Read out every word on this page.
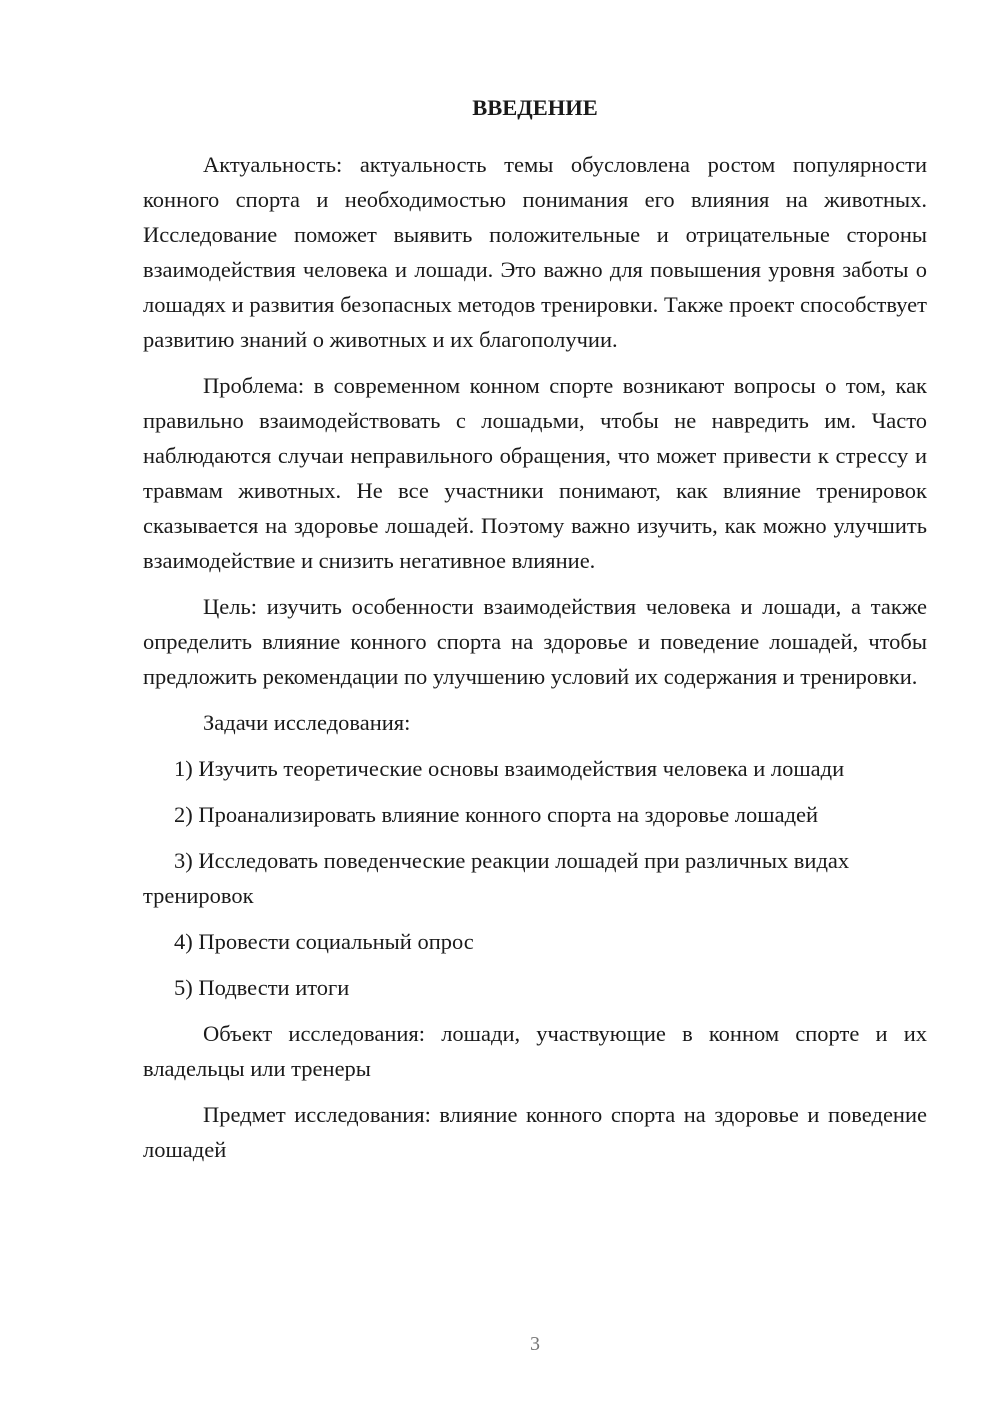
ВВЕДЕНИЕ

Актуальность: актуальность темы обусловлена ростом популярности конного спорта и необходимостью понимания его влияния на животных. Исследование поможет выявить положительные и отрицательные стороны взаимодействия человека и лошади. Это важно для повышения уровня заботы о лошадях и развития безопасных методов тренировки. Также проект способствует развитию знаний о животных и их благополучии.

Проблема: в современном конном спорте возникают вопросы о том, как правильно взаимодействовать с лошадьми, чтобы не навредить им. Часто наблюдаются случаи неправильного обращения, что может привести к стрессу и травмам животных. Не все участники понимают, как влияние тренировок сказывается на здоровье лошадей. Поэтому важно изучить, как можно улучшить взаимодействие и снизить негативное влияние.

Цель: изучить особенности взаимодействия человека и лошади, а также определить влияние конного спорта на здоровье и поведение лошадей, чтобы предложить рекомендации по улучшению условий их содержания и тренировки.

Задачи исследования:

1) Изучить теоретические основы взаимодействия человека и лошади

2) Проанализировать влияние конного спорта на здоровье лошадей

3) Исследовать поведенческие реакции лошадей при различных видах тренировок

4) Провести социальный опрос

5) Подвести итоги

Объект исследования: лошади, участвующие в конном спорте и их владельцы или тренеры

Предмет исследования: влияние конного спорта на здоровье и поведение лошадей

3
